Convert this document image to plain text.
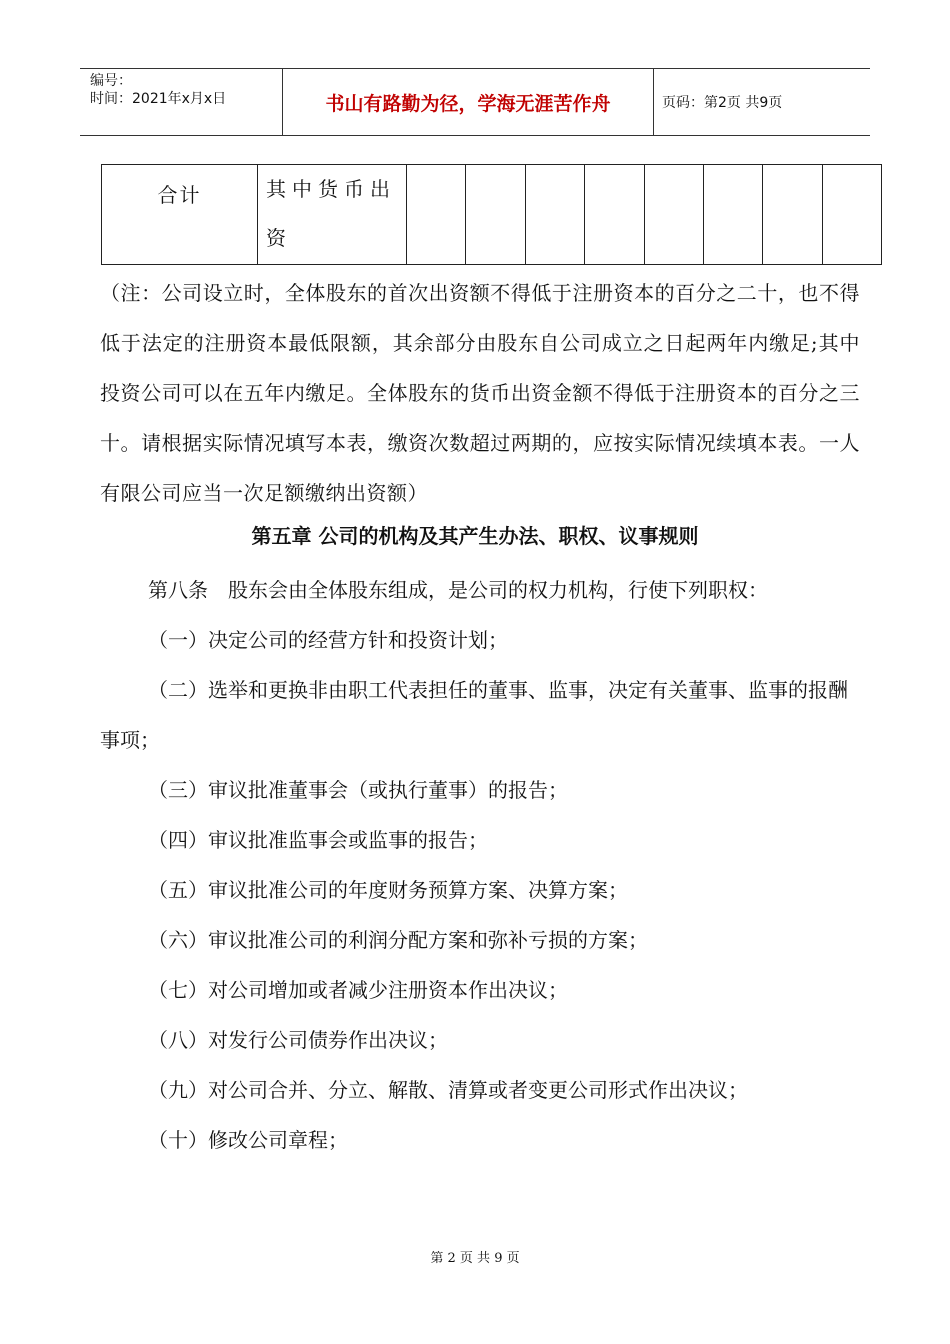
编号：
时间：2021年x月x日	书山有路勤为径，学海无涯苦作舟	页码：第2页 共9页
合计	其中货币出资								
（注：公司设立时，全体股东的首次出资额不得低于注册资本的百分之二十，也不得低于法定的注册资本最低限额，其余部分由股东自公司成立之日起两年内缴足;其中投资公司可以在五年内缴足。全体股东的货币出资金额不得低于注册资本的百分之三十。请根据实际情况填写本表，缴资次数超过两期的，应按实际情况续填本表。一人有限公司应当一次足额缴纳出资额）
第五章 公司的机构及其产生办法、职权、议事规则
第八条　股东会由全体股东组成，是公司的权力机构，行使下列职权：
（一）决定公司的经营方针和投资计划；
（二）选举和更换非由职工代表担任的董事、监事，决定有关董事、监事的报酬事项；
（三）审议批准董事会（或执行董事）的报告；
（四）审议批准监事会或监事的报告；
（五）审议批准公司的年度财务预算方案、决算方案；
（六）审议批准公司的利润分配方案和弥补亏损的方案；
（七）对公司增加或者减少注册资本作出决议；
（八）对发行公司债券作出决议；
（九）对公司合并、分立、解散、清算或者变更公司形式作出决议；
（十）修改公司章程；
第 2 页 共 9 页
